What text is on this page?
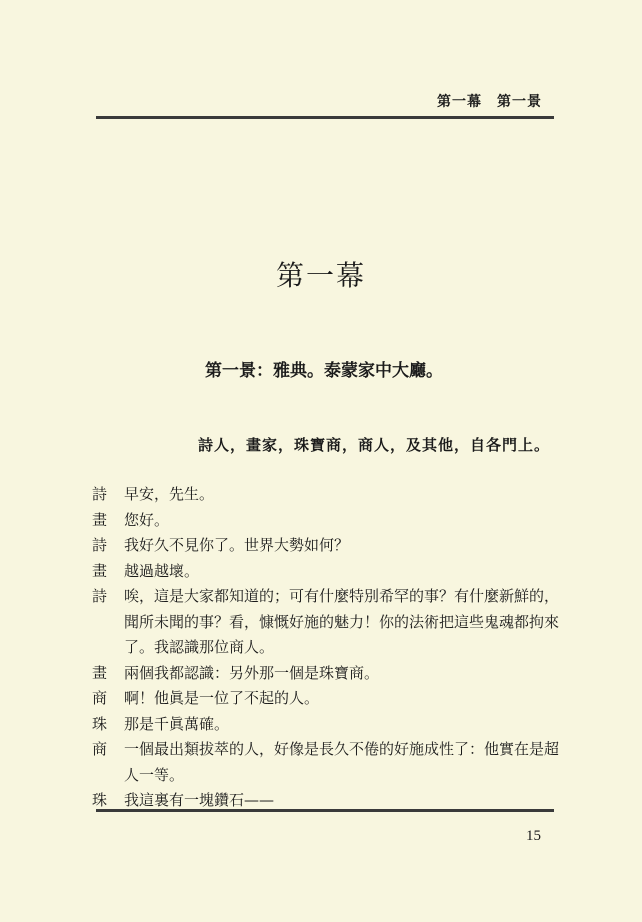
第一幕　第一景
第一幕
第一景：雅典。泰蒙家中大廳。
詩人，畫家，珠寶商，商人，及其他，自各門上。
詩	早安，先生。
畫	您好。
詩	我好久不見你了。世界大勢如何？
畫	越過越壞。
詩	唉，這是大家都知道的；可有什麼特別希罕的事？有什麼新鮮的，聞所未聞的事？看，慷慨好施的魅力！你的法術把這些鬼魂都拘來了。我認識那位商人。
畫	兩個我都認識：另外那一個是珠寶商。
商	啊！他眞是一位了不起的人。
珠	那是千眞萬確。
商	一個最出類拔萃的人，好像是長久不倦的好施成性了：他實在是超人一等。
珠	我這裏有一塊鑽石——
15
